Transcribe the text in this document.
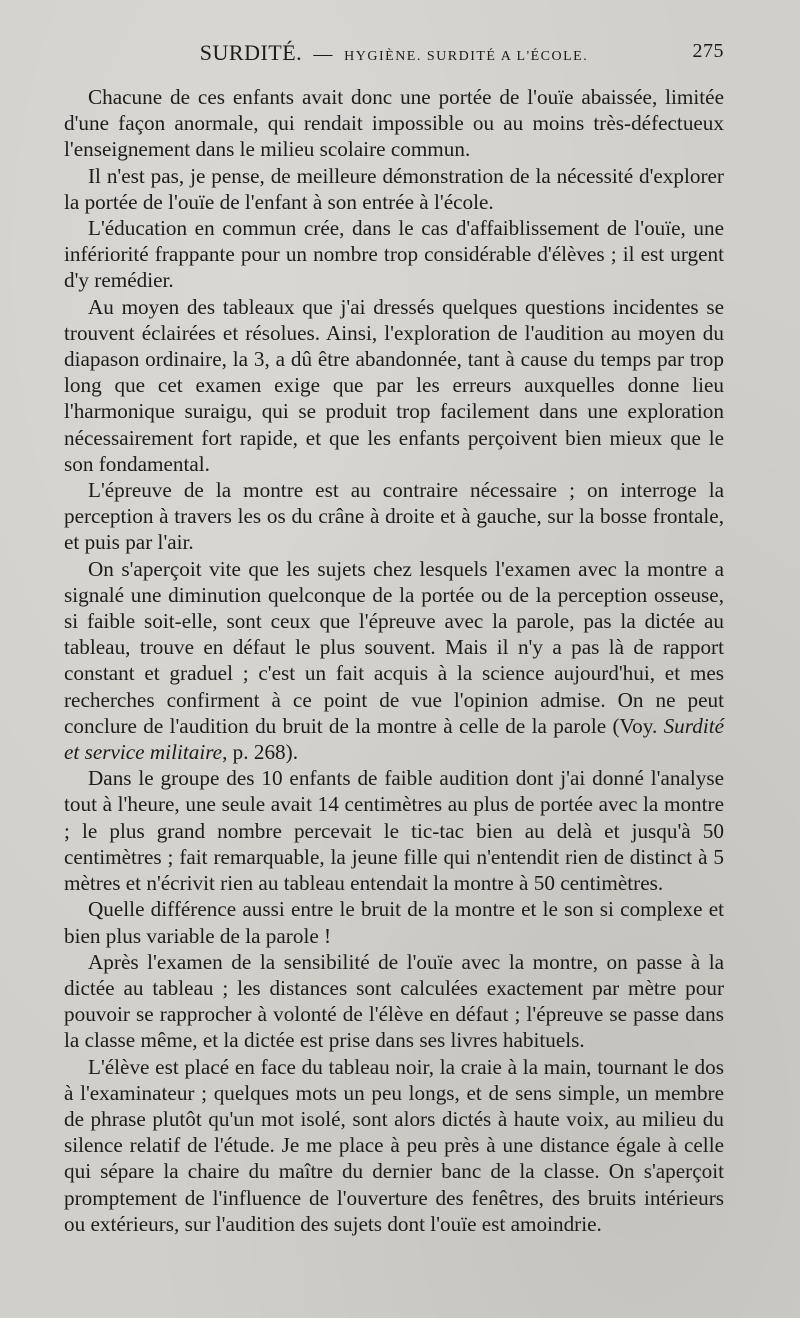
SURDITÉ. — HYGIÈNE. SURDITÉ A L'ÉCOLE.	275

Chacune de ces enfants avait donc une portée de l'ouïe abaissée, limitée d'une façon anormale, qui rendait impossible ou au moins très-défectueux l'enseignement dans le milieu scolaire commun.

Il n'est pas, je pense, de meilleure démonstration de la nécessité d'explorer la portée de l'ouïe de l'enfant à son entrée à l'école.

L'éducation en commun crée, dans le cas d'affaiblissement de l'ouïe, une infériorité frappante pour un nombre trop considérable d'élèves ; il est urgent d'y remédier.

Au moyen des tableaux que j'ai dressés quelques questions incidentes se trouvent éclairées et résolues. Ainsi, l'exploration de l'audition au moyen du diapason ordinaire, la 3, a dû être abandonnée, tant à cause du temps par trop long que cet examen exige que par les erreurs auxquelles donne lieu l'harmonique suraigu, qui se produit trop facilement dans une exploration nécessairement fort rapide, et que les enfants perçoivent bien mieux que le son fondamental.

L'épreuve de la montre est au contraire nécessaire ; on interroge la perception à travers les os du crâne à droite et à gauche, sur la bosse frontale, et puis par l'air.

On s'aperçoit vite que les sujets chez lesquels l'examen avec la montre a signalé une diminution quelconque de la portée ou de la perception osseuse, si faible soit-elle, sont ceux que l'épreuve avec la parole, pas la dictée au tableau, trouve en défaut le plus souvent. Mais il n'y a pas là de rapport constant et graduel ; c'est un fait acquis à la science aujourd'hui, et mes recherches confirment à ce point de vue l'opinion admise. On ne peut conclure de l'audition du bruit de la montre à celle de la parole (Voy. Surdité et service militaire, p. 268).

Dans le groupe des 10 enfants de faible audition dont j'ai donné l'analyse tout à l'heure, une seule avait 14 centimètres au plus de portée avec la montre ; le plus grand nombre percevait le tic-tac bien au delà et jusqu'à 50 centimètres ; fait remarquable, la jeune fille qui n'entendit rien de distinct à 5 mètres et n'écrivit rien au tableau entendait la montre à 50 centimètres.

Quelle différence aussi entre le bruit de la montre et le son si complexe et bien plus variable de la parole !

Après l'examen de la sensibilité de l'ouïe avec la montre, on passe à la dictée au tableau ; les distances sont calculées exactement par mètre pour pouvoir se rapprocher à volonté de l'élève en défaut ; l'épreuve se passe dans la classe même, et la dictée est prise dans ses livres habituels.

L'élève est placé en face du tableau noir, la craie à la main, tournant le dos à l'examinateur ; quelques mots un peu longs, et de sens simple, un membre de phrase plutôt qu'un mot isolé, sont alors dictés à haute voix, au milieu du silence relatif de l'étude. Je me place à peu près à une distance égale à celle qui sépare la chaire du maître du dernier banc de la classe. On s'aperçoit promptement de l'influence de l'ouverture des fenêtres, des bruits intérieurs ou extérieurs, sur l'audition des sujets dont l'ouïe est amoindrie.
